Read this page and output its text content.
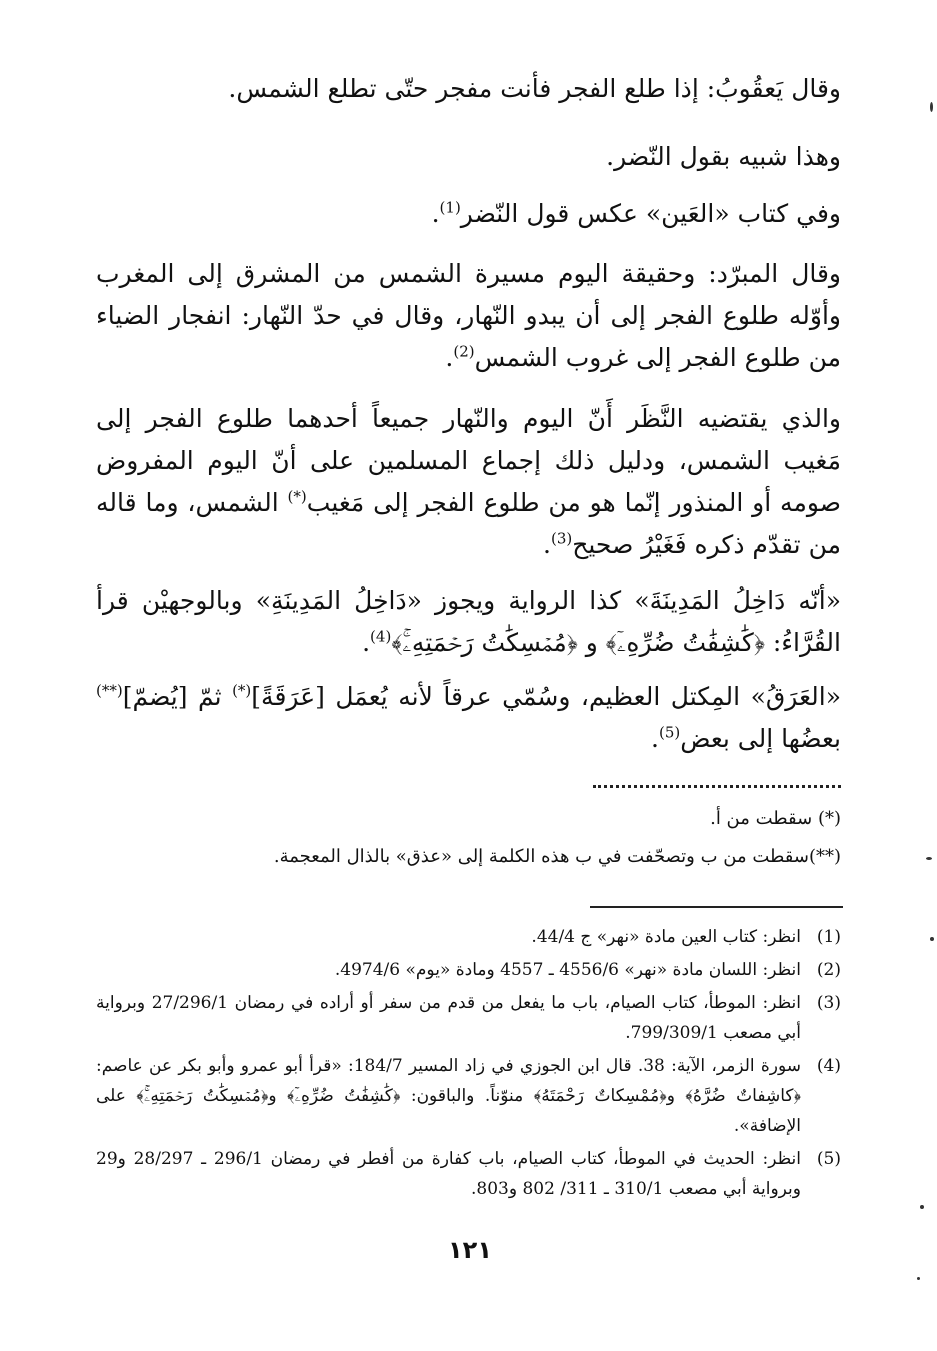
وقال يَعقُوبُ: إذا طلع الفجر فأنت مفجر حتّى تطلع الشمس.

وهذا شبيه بقول النّضر.

وفي كتاب «العَين» عكس قول النّضر$^{(1)}$.

وقال المبرّد: وحقيقة اليوم مسيرة الشمس من المشرق إلى المغرب وأوّله طلوع الفجر إلى أن يبدو النّهار، وقال في حدّ النّهار: انفجار الضياء من طلوع الفجر إلى غروب الشمس$^{(2)}$.

والذي يقتضيه النَّظَر أَنّ اليوم والنّهار جميعاً أحدهما طلوع الفجر إلى مَغيب الشمس، ودليل ذلك إجماع المسلمين على أنّ اليوم المفروض صومه أو المنذور إنّما هو من طلوع الفجر إلى مَغيب(*) الشمس، وما قاله من تقدّم ذكره فَغَيْرُ صحيح$^{(3)}$.

«أنّه دَاخِلُ المَدِينَةَ» كذا الرواية ويجوز «دَاخِلُ المَدِينَةِ» وبالوجهيْن قرأ القُرَّاءُ: ﴿كَٰشِفَٰتُ ضُرِّهِۦٓ﴾ و ﴿مُمۡسِكَٰتُ رَحۡمَتِهِۦۚ﴾$^{(4)}$.

«العَرَقُ» المِكتل العظيم، وسُمّي عرقاً لأنه يُعمَل [عَرَقَةً](*) ثمّ [يُضمّ](**) بعضُها إلى بعض$^{(5)}$.

(*) سقطت من أ.

(**)سقطت من ب وتصحّفت في ب هذه الكلمة إلى «عذق» بالذال المعجمة.

(1)
انظر: كتاب العين مادة «نهر» ج 44/4.
(2)
انظر: اللسان مادة «نهر» 4556/6 ـ 4557 ومادة «يوم» 4974/6.
(3)
انظر: الموطأ، كتاب الصيام، باب ما يفعل من قدم من سفر أو أراده في رمضان 27/296/1 وبرواية أبي مصعب 799/309/1.
(4)
سورة الزمر، الآية: 38. قال ابن الجوزي في زاد المسير 184/7: «قرأ أبو عمرو وأبو بكر عن عاصم: ﴿كاشِفاتٌ ضُرَّهُ﴾ و﴿مُمْسِكاتٌ رَحْمَتَهُ﴾ منوّناً. والباقون: ﴿كَٰشِفَٰتُ ضُرِّهِۦٓ﴾ و﴿مُمۡسِكَٰتُ رَحۡمَتِهِۦۚ﴾ على الإضافة».
(5)
انظر: الحديث في الموطأ، كتاب الصيام، باب كفارة من أفطر في رمضان 296/1 ـ 28/297 و29 وبرواية أبي مصعب 310/1 ـ 311/ 802 و803.
١٢١
